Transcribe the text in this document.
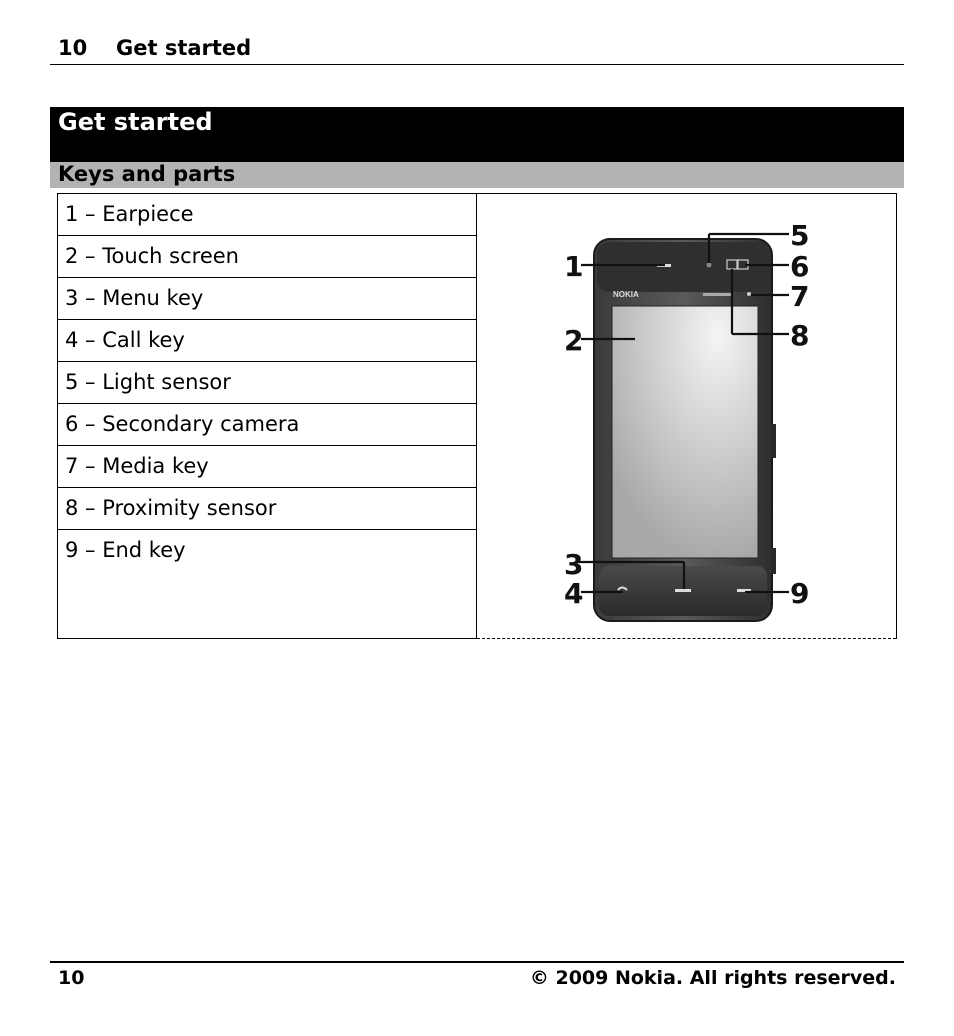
10 Get started
Get started
Keys and parts
1 – Earpiece
2 – Touch screen
3 – Menu key
4 – Call key
5 – Light sensor
6 – Secondary camera
7 – Media key
8 – Proximity sensor
9 – End key
NOKIA
1
2
3
4
5
6
7
8
9
10	© 2009 Nokia. All rights reserved.
